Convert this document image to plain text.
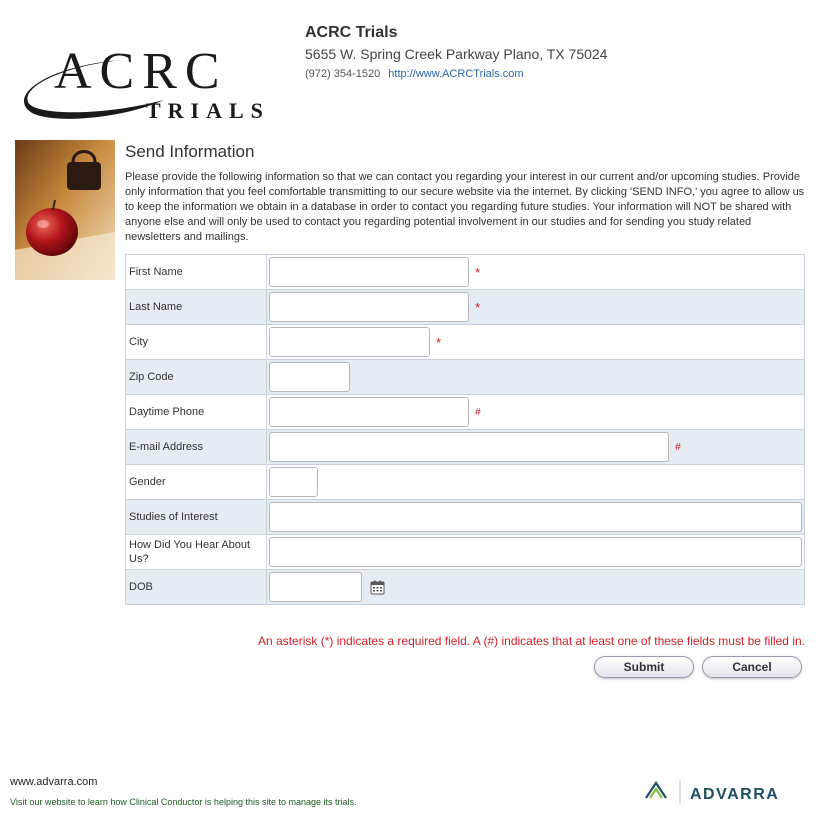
ACRC
TRIALS
ACRC Trials
5655 W. Spring Creek Parkway Plano, TX 75024
(972) 354-1520 http://www.ACRCTrials.com
Send Information
Please provide the following information so that we can contact you regarding your interest in our current and/or upcoming studies. Provide only information that you feel comfortable transmitting to our secure website via the internet. By clicking 'SEND INFO,' you agree to allow us to keep the information we obtain in a database in order to contact you regarding future studies. Your information will NOT be shared with anyone else and will only be used to contact you regarding potential involvement in our studies and for sending you study related newsletters and mailings.
First Name	*
Last Name	*
City	*
Zip Code	
Daytime Phone	#
E-mail Address	#
Gender	
Studies of Interest	
How Did You Hear About Us?	
DOB	
An asterisk (*) indicates a required field. A (#) indicates that at least one of these fields must be filled in.
Submit	Cancel
www.advarra.com
Visit our website to learn how Clinical Conductor is helping this site to manage its trials.	ADVARRA
